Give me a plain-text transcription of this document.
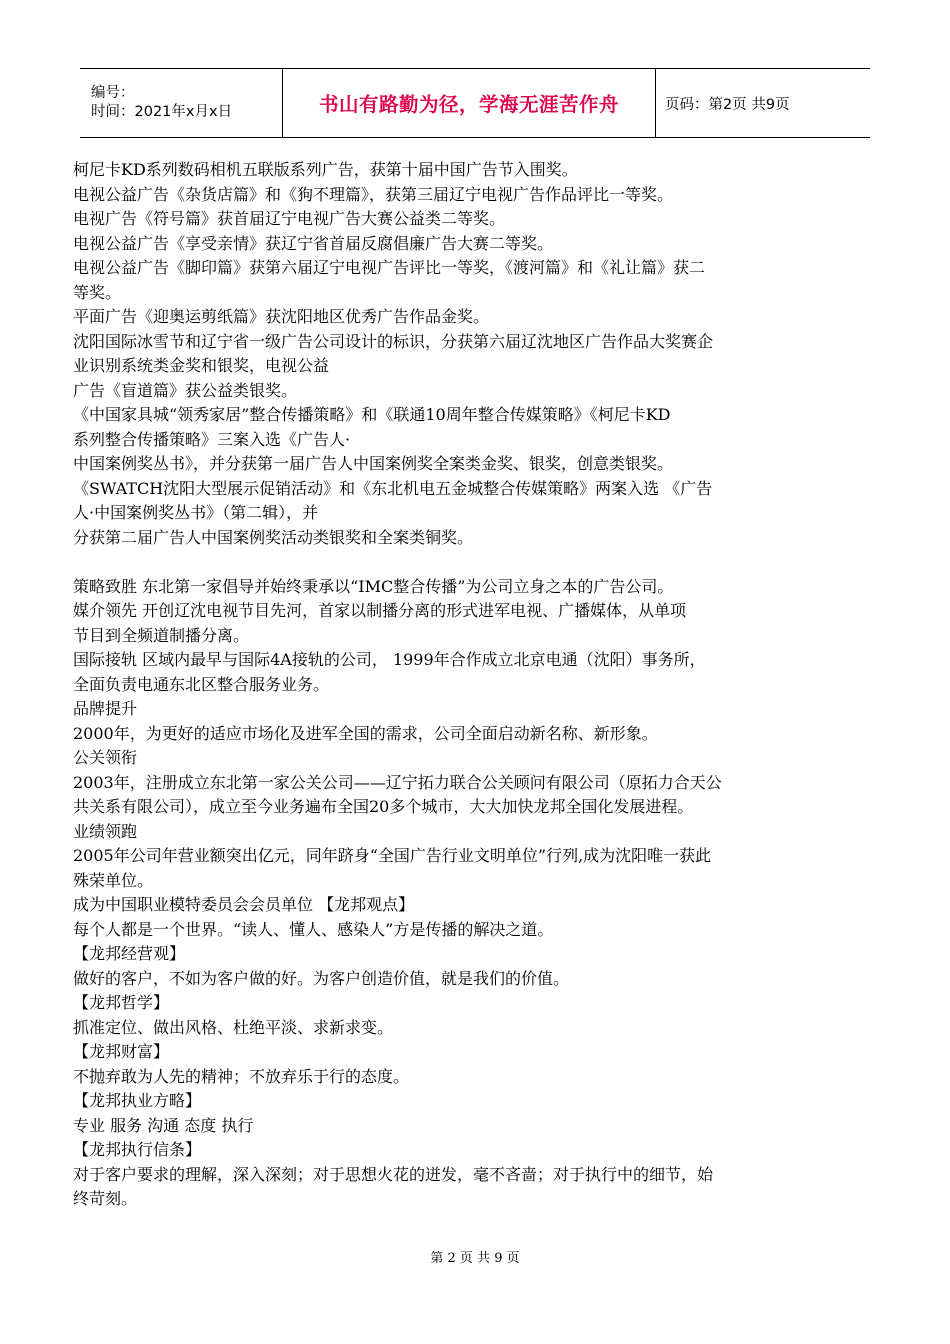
编号：
时间：2021年x月x日	书山有路勤为径，学海无涯苦作舟	页码：第2页 共9页
柯尼卡KD系列数码相机五联版系列广告，获第十届中国广告节入围奖。
电视公益广告《杂货店篇》和《狗不理篇》，获第三届辽宁电视广告作品评比一等奖。
电视广告《符号篇》获首届辽宁电视广告大赛公益类二等奖。
电视公益广告《享受亲情》获辽宁省首届反腐倡廉广告大赛二等奖。
电视公益广告《脚印篇》获第六届辽宁电视广告评比一等奖，《渡河篇》和《礼让篇》获二
等奖。
平面广告《迎奥运剪纸篇》获沈阳地区优秀广告作品金奖。
沈阳国际冰雪节和辽宁省一级广告公司设计的标识，分获第六届辽沈地区广告作品大奖赛企
业识别系统类金奖和银奖，电视公益
广告《盲道篇》获公益类银奖。
《中国家具城“领秀家居”整合传播策略》和《联通10周年整合传媒策略》《柯尼卡KD
系列整合传播策略》三案入选《广告人·
中国案例奖丛书》，并分获第一届广告人中国案例奖全案类金奖、银奖，创意类银奖。
《SWATCH沈阳大型展示促销活动》和《东北机电五金城整合传媒策略》两案入选 《广告
人·中国案例奖丛书》（第二辑），并
分获第二届广告人中国案例奖活动类银奖和全案类铜奖。
策略致胜 东北第一家倡导并始终秉承以“IMC整合传播”为公司立身之本的广告公司。
媒介领先 开创辽沈电视节目先河，首家以制播分离的形式进军电视、广播媒体，从单项
节目到全频道制播分离。
国际接轨 区域内最早与国际4A接轨的公司， 1999年合作成立北京电通（沈阳）事务所，
全面负责电通东北区整合服务业务。
品牌提升
2000年，为更好的适应市场化及进军全国的需求，公司全面启动新名称、新形象。
公关领衔
2003年，注册成立东北第一家公关公司——辽宁拓力联合公关顾问有限公司（原拓力合天公
共关系有限公司），成立至今业务遍布全国20多个城市，大大加快龙邦全国化发展进程。
业绩领跑
2005年公司年营业额突出亿元，同年跻身“全国广告行业文明单位”行列,成为沈阳唯一获此
殊荣单位。
成为中国职业模特委员会会员单位 【龙邦观点】
每个人都是一个世界。“读人、懂人、感染人”方是传播的解决之道。
【龙邦经营观】
做好的客户，不如为客户做的好。为客户创造价值，就是我们的价值。
【龙邦哲学】
抓准定位、做出风格、杜绝平淡、求新求变。
【龙邦财富】
不抛弃敢为人先的精神；不放弃乐于行的态度。
【龙邦执业方略】
专业 服务 沟通 态度 执行
【龙邦执行信条】
对于客户要求的理解，深入深刻；对于思想火花的迸发，毫不吝啬；对于执行中的细节，始
终苛刻。
第 2 页 共 9 页
